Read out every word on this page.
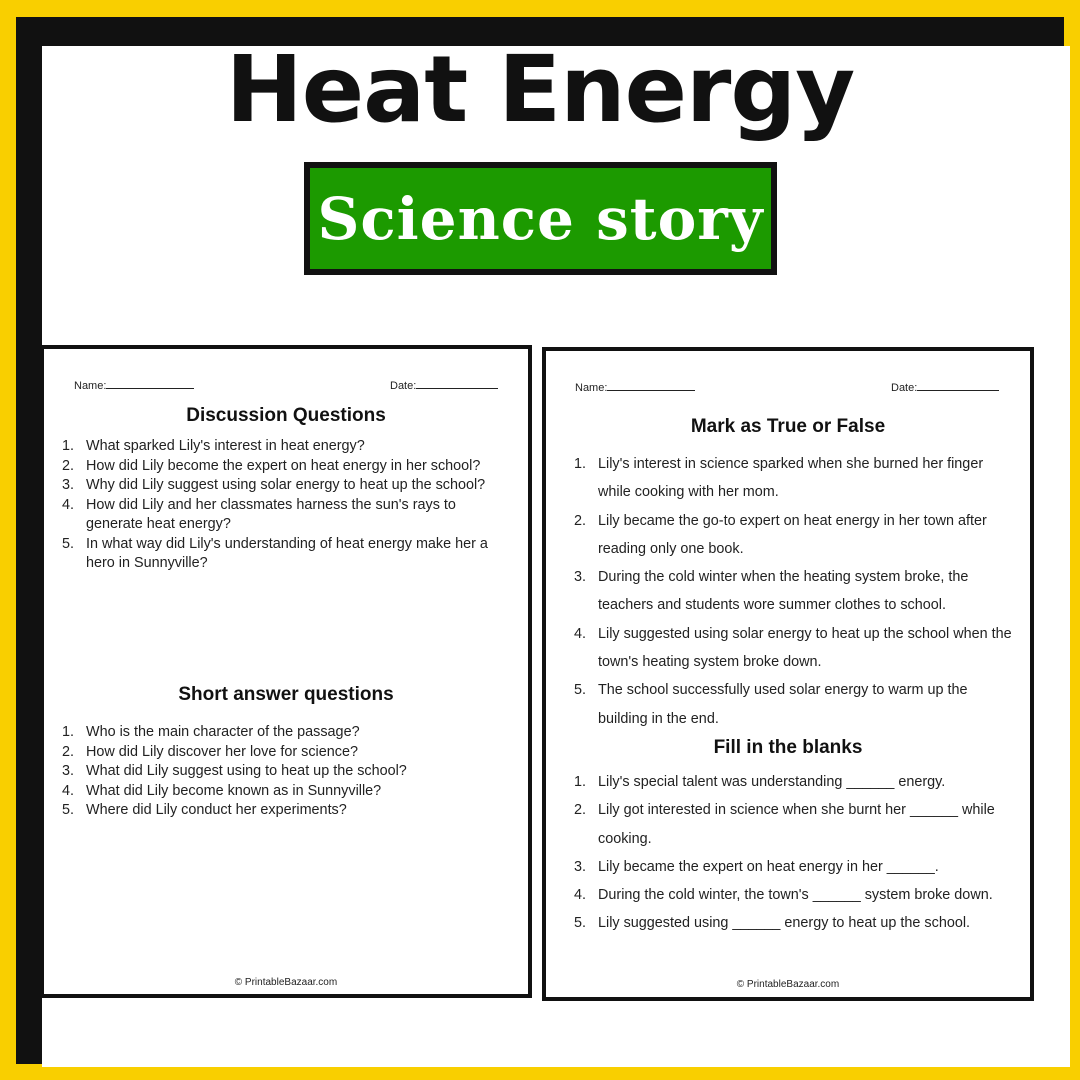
Heat Energy
Science story
Name:	Date:
Discussion Questions
1. What sparked Lily's interest in heat energy?
2. How did Lily become the expert on heat energy in her school?
3. Why did Lily suggest using solar energy to heat up the school?
4. How did Lily and her classmates harness the sun's rays to generate heat energy?
5. In what way did Lily's understanding of heat energy make her a hero in Sunnyville?
Short answer questions
1. Who is the main character of the passage?
2. How did Lily discover her love for science?
3. What did Lily suggest using to heat up the school?
4. What did Lily become known as in Sunnyville?
5. Where did Lily conduct her experiments?
© PrintableBazaar.com
Name:	Date:
Mark as True or False
1. Lily's interest in science sparked when she burned her finger while cooking with her mom.
2. Lily became the go-to expert on heat energy in her town after reading only one book.
3. During the cold winter when the heating system broke, the teachers and students wore summer clothes to school.
4. Lily suggested using solar energy to heat up the school when the town's heating system broke down.
5. The school successfully used solar energy to warm up the building in the end.
Fill in the blanks
1. Lily's special talent was understanding ______ energy.
2. Lily got interested in science when she burnt her ______ while cooking.
3. Lily became the expert on heat energy in her ______.
4. During the cold winter, the town's ______ system broke down.
5. Lily suggested using ______ energy to heat up the school.
© PrintableBazaar.com
